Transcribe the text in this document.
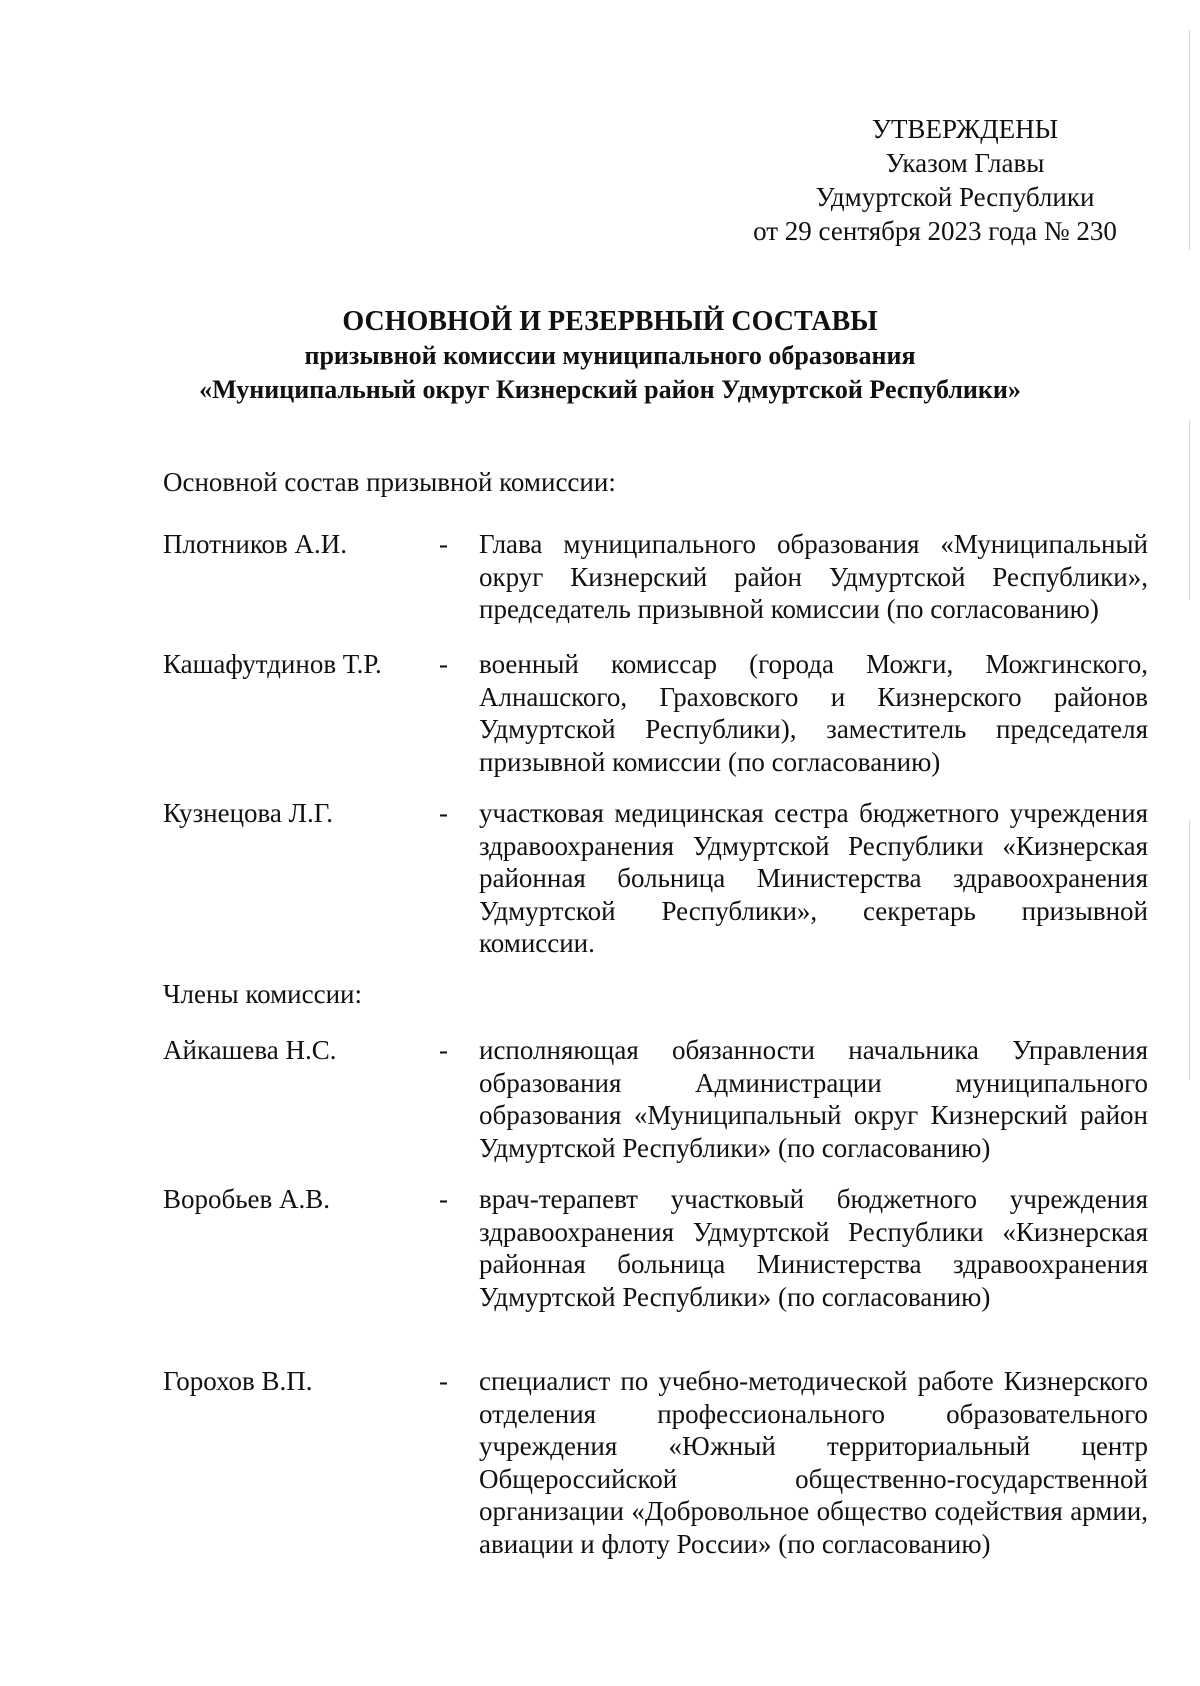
УТВЕРЖДЕНЫ
Указом Главы
Удмуртской Республики
от 29 сентября 2023 года № 230
ОСНОВНОЙ И РЕЗЕРВНЫЙ СОСТАВЫ
призывной комиссии муниципального образования
«Муниципальный округ Кизнерский район Удмуртской Республики»
Основной состав призывной комиссии:
Плотников А.И.	-	Глава муниципального образования «Муниципальный округ Кизнерский район Удмуртской Республики», председатель призывной комиссии (по согласованию)
Кашафутдинов Т.Р.	-	военный комиссар (города Можги, Можгинского, Алнашского, Граховского и Кизнерского районов Удмуртской Республики), заместитель председателя призывной комиссии (по согласованию)
Кузнецова Л.Г.	-	участковая медицинская сестра бюджетного учреждения здравоохранения Удмуртской Республики «Кизнерская районная больница Министерства здравоохранения Удмуртской Республики», секретарь призывной комиссии.
Члены комиссии:
Айкашева Н.С.	-	исполняющая обязанности начальника Управления образования Администрации муниципального образования «Муниципальный округ Кизнерский район Удмуртской Республики» (по согласованию)
Воробьев А.В.	-	врач-терапевт участковый бюджетного учреждения здравоохранения Удмуртской Республики «Кизнерская районная больница Министерства здравоохранения Удмуртской Республики» (по согласованию)
Горохов В.П.	-	специалист по учебно-методической работе Кизнерского отделения профессионального образовательного учреждения «Южный территориальный центр Общероссийской общественно-государственной организации «Добровольное общество содействия армии, авиации и флоту России» (по согласованию)
